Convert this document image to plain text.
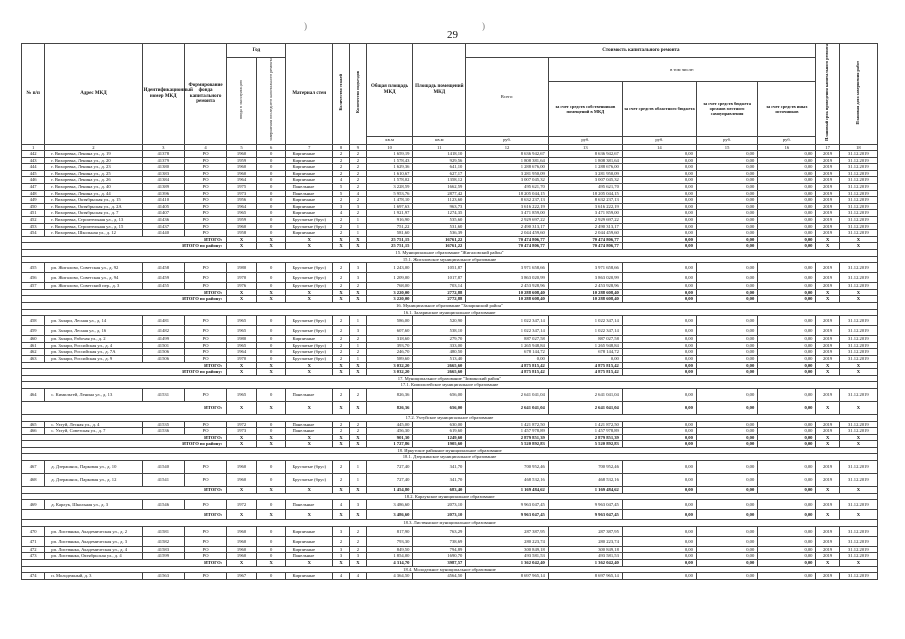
29
)	)
№ п/п	Адрес МКД	Идентификационный номер МКД	Формирование фонда капитального ремонта	Год		Материал стен	Количество этажей	Количество подъездов	Общая площадь МКД	Площадь помещений МКД	Стоимость капитального ремонта					Плановый срок проведения капитального ремонта	Плановая дата завершения работ
				ввода в эксплуатацию	завершения последнего капитального ремонта						Всего:	в том числе:					
												за счет средств собственников помещений в МКД	за счет средств областного бюджета	за счет средств бюджета органов местного самоуправления	за счет средств иных источников		
									кв.м	кв.м	руб.	руб.	руб.	руб.	руб.		
1	2	3	4	5	6	7	8	9	10	11	12	13	14	15	16	17	18
442	г. Вихоревка, Ленина ул., д. 19	41378	РО	1960	0	Кирпичные	2	2	1 659,19	1418,10	8 636 942,67	8 636 942,67	0,00	0,00	0,00	2019	31.12.2019
443	г. Вихоревка, Ленина ул., д. 20	41379	РО	1959	0	Кирпичные	2	2	1 578,43	929,56	1 808 381,64	1 808 381,64	0,00	0,00	0,00	2019	31.12.2019
444	г. Вихоревка, Ленина ул., д. 23	41380	РО	1960	0	Кирпичные	2	2	1 629,36	641,10	1 288 676,00	1 288 676,00	0,00	0,00	0,00	2019	31.12.2019
445	г. Вихоревка, Ленина ул., д. 25	41383	РО	1960	0	Кирпичные	2	2	1 610,67	627,17	3 281 950,09	3 281 950,09	0,00	0,00	0,00	2019	31.12.2019
446	г. Вихоревка, Ленина ул., д. 26	41384	РО	1964	0	Кирпичные	4	2	1 578,02	1358,12	3 007 045,32	3 007 045,32	0,00	0,00	0,00	2019	31.12.2019
447	г. Вихоревка, Ленина ул., д. 40	41389	РО	1975	0	Панельные	5	2	3 228,59	1662,59	495 621,70	495 621,70	0,00	0,00	0,00	2019	31.12.2019
448	г. Вихоревка, Ленина ул., д. 44	41396	РО	1973	0	Панельные	5	4	5 953,76	2877,42	18 205 044,15	18 205 044,15	0,00	0,00	0,00	2019	31.12.2019
449	г. Вихоревка, Октябрьская ул., д. 15	41410	РО	1956	0	Кирпичные	2	2	1 478,10	1123,60	8 632 237,13	8 632 237,13	0,00	0,00	0,00	2019	31.12.2019
450	г. Вихоревка, Октябрьская ул., д. 2А	41405	РО	1964	0	Кирпичные	3	3	1 697,63	963,73	3 616 222,19	3 616 222,19	0,00	0,00	0,00	2019	31.12.2019
451	г. Вихоревка, Октябрьская ул., д. 7	41407	РО	1965	0	Кирпичные	4	2	1 921,97	1274,35	3 471 859,00	3 471 859,00	0,00	0,00	0,00	2019	31.12.2019
452	г. Вихоревка, Строительная ул., д. 13	41436	РО	1959	0	Брусчатые (брус)	2	1	916,90	535,60	2 929 697,22	2 929 697,22	0,00	0,00	0,00	2019	31.12.2019
453	г. Вихоревка, Строительная ул., д. 15	41437	РО	1960	0	Брусчатые (брус)	2	1	751,22	531,60	2 490 313,17	2 490 313,17	0,00	0,00	0,00	2019	31.12.2019
454	г. Вихоревка, Школьная ул., д. 12	41440	РО	1958	0	Кирпичные	2	1	581,60	536,39	2 044 459,60	2 044 459,60	0,00	0,00	0,00	2019	31.12.2019
ИТОГО:				X	X	X	X	X	25 751,15	16761,22	70 474 806,77	70 474 806,77	0,00	0,00	0,00	X	X
ИТОГО по району:				X	X	X	X	X	25 751,15	16761,22	70 474 806,77	70 474 806,77	0,00	0,00	0,00	X	X
15. Муниципальное образование "Жигаловский район"																	
15.1. Жигаловское муниципальное образование																	
455	рп. Жигалово, Советская ул., д. 92	41458	РО	1980	0	Брусчатые (брус)	2	3	1 243,00	1051,87	3 971 658,66	3 971 658,66	0,00	0,00	0,00	2019	31.12.2019
456	рп. Жигалово, Советская ул., д. 94	41459	РО	1970	0	Брусчатые (брус)	2	3	1 209,00	1017,87	3 863 020,99	3 863 020,99	0,00	0,00	0,00	2019	31.12.2019
457	рп. Жигалово, Советский пер., д. 3	41455	РО	1976	0	Брусчатые (брус)	2	2	768,00	703,14	2 453 928,96	2 453 928,96	0,00	0,00	0,00	2019	31.12.2019
ИТОГО:				X	X	X	X	X	3 220,00	2772,88	10 288 608,40	10 288 608,40	0,00	0,00	0,00	X	X
ИТОГО по району:				X	X	X	X	X	3 220,00	2772,88	10 288 608,40	10 288 608,40	0,00	0,00	0,00	X	X
16. Муниципальное образование "Заларинский район"																	
16.1. Заларинское муниципальное образование																	
458	рп. Залари, Лесная ул., д. 14	41481	РО	1965	0	Брусчатые (брус)	2	1	586,00	520,90	1 022 347,14	1 022 347,14	0,00	0,00	0,00	2019	31.12.2019
459	рп. Залари, Лесная ул., д. 16	41482	РО	1965	0	Брусчатые (брус)	2	3	607,60	538,10	1 022 347,14	1 022 347,14	0,00	0,00	0,00	2019	31.12.2019
460	рп. Залари, Рабочая ул., д. 2	41499	РО	1980	0	Кирпичные	2	2	318,60	279,70	887 027,58	887 027,58	0,00	0,00	0,00	2019	31.12.2019
461	рп. Залари, Российская ул., д. 4	41501	РО	1965	0	Брусчатые (брус)	2	1	393,70	333,00	1 265 948,84	1 265 948,84	0,00	0,00	0,00	2019	31.12.2019
462	рп. Залари, Российская ул., д. 7А	41506	РО	1964	0	Брусчатые (брус)	2	2	246,70	480,50	678 144,72	678 144,72	0,00	0,00	0,00	2019	31.12.2019
463	рп. Залари, Российская ул., д. 9	41506	РО	1970	0	Брусчатые (брус)	2	1	589,60	513,40	0,00	0,00	0,00	0,00	0,00	2019	31.12.2019
ИТОГО:				X	X	X	X	X	3 032,20	2665,60	4 875 815,42	4 875 815,42	0,00	0,00	0,00	X	X
ИТОГО по району:				X	X	X	X	X	3 032,20	2665,60	4 875 815,42	4 875 815,42	0,00	0,00	0,00	X	X
17. Муниципальное образование "Зиминский район"																	
17.1. Кимильтейское муниципальное образование																	
464	с. Кимильтей, Ленина ул., д. 13	41531	РО	1965	0	Панельные	2	2	826,36	656,00	2 641 041,04	2 641 041,04	0,00	0,00	0,00	2019	31.12.2019
ИТОГО:				X	X	X	X	X	826,36	656,00	2 641 041,04	2 641 041,04	0,00	0,00	0,00	X	X
17.2. Ухтуйское муниципальное образование																	
465	с. Ухтуй, Лесная ул., д. 4	41535	РО	1972	0	Панельные	2	2	445,00	630,00	1 421 872,50	1 421 872,50	0,00	0,00	0,00	2019	31.12.2019
466	с. Ухтуй, Советская ул., д. 7	41536	РО	1973	0	Панельные	2	2	456,30	619,60	1 457 978,89	1 457 978,89	0,00	0,00	0,00	2019	31.12.2019
ИТОГО:				X	X	X	X	X	901,30	1249,60	2 879 851,39	2 879 851,39	0,00	0,00	0,00	X	X
ИТОГО по району:				X	X	X	X	X	1 727,86	1905,60	5 520 892,83	5 520 892,83	0,00	0,00	0,00	X	X
18. Иркутское районное муниципальное образование																	
18.1. Дзержинское муниципальное образование																	
467	д. Дзержинск, Парковая ул., д. 10	41540	РО	1960	0	Брусчатые (брус)	2	1	727,40	341,70	700 952,46	700 952,46	0,00	0,00	0,00	2019	31.12.2019
468	д. Дзержинск, Парковая ул., д. 12	41541	РО	1960	0	Брусчатые (брус)	2	1	727,40	341,70	468 532,16	468 532,16	0,00	0,00	0,00	2019	31.12.2019
ИТОГО:				X	X	X	X	X	1 454,80	683,40	1 169 484,62	1 169 484,62	0,00	0,00	0,00	X	X
18.2. Карлукское муниципальное образование																	
469	д. Карлук, Школьная ул., д. 3	41546	РО	1972	0	Панельные	4	3	3 486,60	2073,10	9 963 047,45	9 963 047,45	0,00	0,00	0,00	2019	31.12.2019
ИТОГО:				X	X	X	X	X	3 486,60	2073,10	9 963 047,45	9 963 047,45	0,00	0,00	0,00	X	X
18.3. Листвянское муниципальное образование																	
470	рп. Листвянка, Академическая ул., д. 2	41581	РО	1960	0	Кирпичные	3	2	817,90	763,29	287 387,95	287 387,95	0,00	0,00	0,00	2019	31.12.2019
471	рп. Листвянка, Академическая ул., д. 3	41582	РО	1960	0	Кирпичные	2	2	793,30	738,69	280 223,74	280 223,74	0,00	0,00	0,00	2019	31.12.2019
472	рп. Листвянка, Академическая ул., д. 4	41583	РО	1960	0	Кирпичные	3	2	849,50	794,89	300 849,18	300 849,18	0,00	0,00	0,00	2019	31.12.2019
473	рп. Листвянка, Октябрьская ул., д. 4	41599	РО	1960	0	Панельные	3	3	1 854,00	1690,70	493 581,53	493 581,53	0,00	0,00	0,00	2019	31.12.2019
ИТОГО:				X	X	X	X	X	4 314,70	3987,57	1 362 042,40	1 362 042,40	0,00	0,00	0,00	X	X
18.4. Молодежное муниципальное образование																	
474	п. Молодежный, д. 3	41563	РО	1967	0	Кирпичные	4	4	4 364,50	4564,50	8 697 965,14	8 697 965,14	0,00	0,00	0,00	2019	31.12.2019
